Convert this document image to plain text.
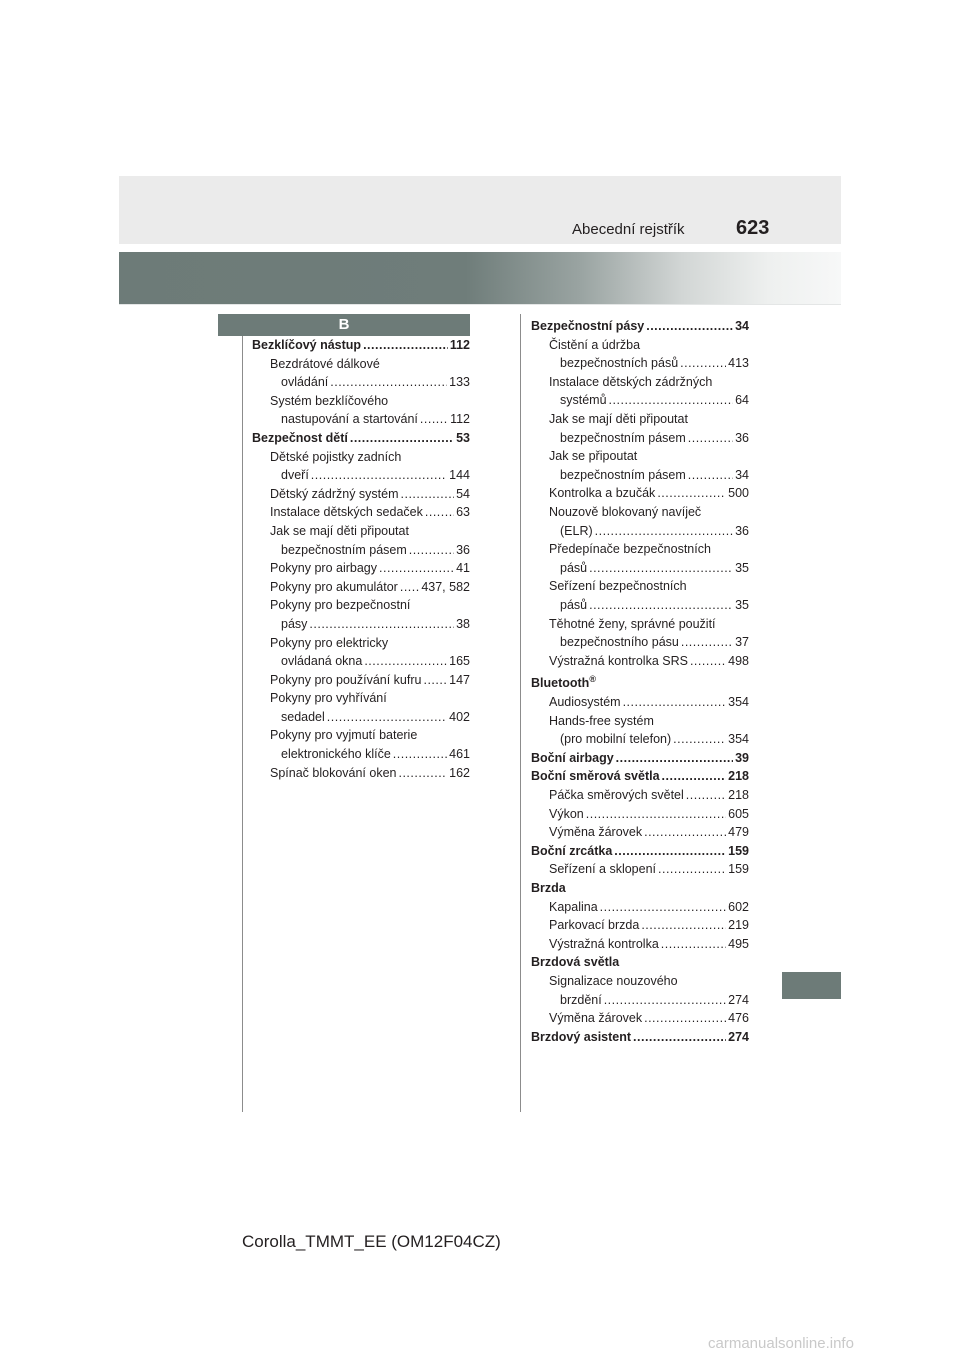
Abecední rejstřík	623
B
Bezklíčový nástup .....	112
Bezdrátové dálkové
ovládání .....	133
Systém bezklíčového
nastupování a startování .....	112
Bezpečnost dětí .....	53
Dětské pojistky zadních
dveří .....	144
Dětský zádržný systém .....	54
Instalace dětských sedaček .....	63
Jak se mají děti připoutat
bezpečnostním pásem .....	36
Pokyny pro airbagy .....	41
Pokyny pro akumulátor ..... 437, 582
Pokyny pro bezpečnostní
pásy .....	38
Pokyny pro elektricky
ovládaná okna .....	165
Pokyny pro používání kufru ..... 147
Pokyny pro vyhřívání
sedadel .....	402
Pokyny pro vyjmutí baterie
elektronického klíče .....	461
Spínač blokování oken .....	162
Bezpečnostní pásy .....	34
Čistění a údržba
bezpečnostních pásů .....	413
Instalace dětských zádržných
systémů .....	64
Jak se mají děti připoutat
bezpečnostním pásem .....	36
Jak se připoutat
bezpečnostním pásem .....	34
Kontrolka a bzučák .....	500
Nouzově blokovaný navíječ
(ELR) .....	36
Předepínače bezpečnostních
pásů .....	35
Seřízení bezpečnostních
pásů .....	35
Těhotné ženy, správné použití
bezpečnostního pásu .....	37
Výstražná kontrolka SRS .....	498
Bluetooth®
Audiosystém .....	354
Hands-free systém
(pro mobilní telefon) .....	354
Boční airbagy .....	39
Boční směrová světla .....	218
Páčka směrových světel .....	218
Výkon .....	605
Výměna žárovek .....	479
Boční zrcátka .....	159
Seřízení a sklopení .....	159
Brzda
Kapalina .....	602
Parkovací brzda .....	219
Výstražná kontrolka .....	495
Brzdová světla
Signalizace nouzového
brzdění .....	274
Výměna žárovek .....	476
Brzdový asistent .....	274
Corolla_TMMT_EE (OM12F04CZ)
carmanualsonline.info
